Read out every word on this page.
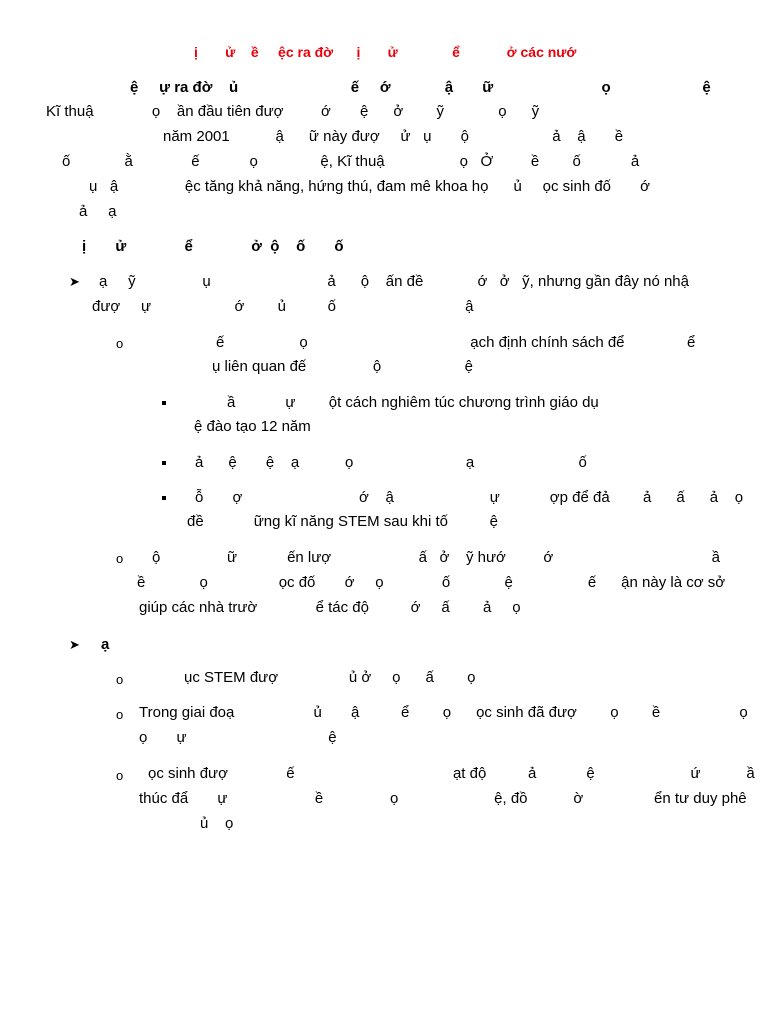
ị       ử    ề     ệc ra đờ      ị       ử              ể            ở các nướ
ệ     ự ra đờ    ủ                           ế     ớ             ậ       ữ                          ọ                      ệ
Kĩ thuậ              ọ    ần đầu tiên đượ         ớ       ệ      ở        ỹ             ọ      ỹ
năm 2001           ậ      ữ này đượ     ử   ụ       ộ                    ả    ậ       ề
ố             ằ              ế            ọ               ệ, Kĩ thuậ                  ọ   Ở         ề        ố            ả
ụ   ậ                ệc tăng khả năng, hứng thú, đam mê khoa họ      ủ     ọc sinh đố       ớ
ả     ạ
ị       ử              ể              ở  ộ    ố       ố
➤ ạ     ỹ                ụ                            ả      ộ    ấn đề             ớ   ở   ỹ, nhưng gần đây nó nhậ
đượ     ự                    ớ        ủ          ố                               ậ
o	ế                  ọ                                       ạch định chính sách để               ể
ụ liên quan đế                ộ                    ệ
ầ            ự        ột cách nghiêm túc chương trình giáo dụ
ệ đào tạo 12 năm
ả      ệ       ệ    ạ           ọ                           ạ                         ố
ỗ       ợ                            ớ    ậ                       ự            ợp để đả        ả      ấ      ả    ọ
đề            ững kĩ năng STEM sau khi tố          ệ
o ộ                ữ            ến lượ                     ấ   ở    ỹ hướ         ớ                                      ầ
ề             ọ                 ọc đố       ớ     ọ              ố             ệ                  ế      ận này là cơ sở
giúp các nhà trườ              ể tác độ          ớ     ấ        ả     ọ
➤ ạ
o	ục STEM đượ                 ủ ở     ọ      ấ        ọ
o Trong giai đoạ                   ủ       ậ          ể        ọ      ọc sinh đã đượ        ọ        ề                   ọ
ọ       ự                                  ệ
o ọc sinh đượ              ế                                      ạt độ          ả            ệ                       ứ           ầ
thúc đẩ       ự                     ề                ọ                       ệ, đồ           ờ                 ển tư duy phê
ủ    ọ
